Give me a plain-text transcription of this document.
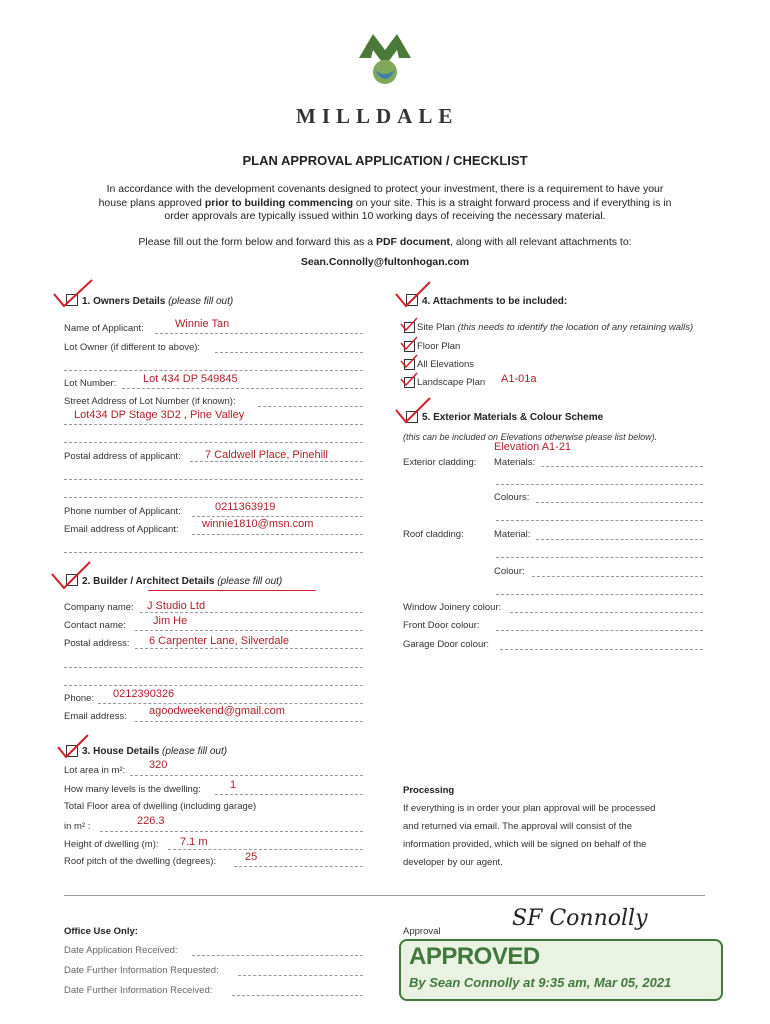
MILLDALE
PLAN APPROVAL APPLICATION / CHECKLIST
In accordance with the development covenants designed to protect your investment, there is a requirement to have your
house plans approved prior to building commencing on your site. This is a straight forward process and if everything is in
order approvals are typically issued within 10 working days of receiving the necessary material.
Please fill out the form below and forward this as a PDF document, along with all relevant attachments to:
Sean.Connolly@fultonhogan.com
1. Owners Details (please fill out)
Name of Applicant:	Winnie Tan
Lot Owner (if different to above):
Lot Number: Lot 434 DP 549845
Street Address of Lot Number (if known):
Lot434 DP Stage 3D2 , Pine Valley
Postal address of applicant: 7 Caldwell Place, Pinehill
Phone number of Applicant:	0211363919
Email address of Applicant: winnie1810@msn.com
2. Builder / Architect Details (please fill out)
Company name: J Studio Ltd
Contact name: Jim He
Postal address: 6 Carpenter Lane, Silverdale
Phone: 0212390326
Email address: agoodweekend@gmail.com
3. House Details (please fill out)
Lot area in m²: 320
How many levels is the dwelling:	1
Total Floor area of dwelling (including garage)
in m² :	226.3
Height of dwelling (m): 7.1 m
Roof pitch of the dwelling (degrees):	25
4. Attachments to be included:
Site Plan (this needs to identify the location of any retaining walls)
Floor Plan
All Elevations
Landscape Plan A1-01a
5. Exterior Materials & Colour Scheme
(this can be included on Elevations otherwise please list below).
Elevation A1-21
Exterior cladding: Materials:
Colours:
Roof cladding:	Material:
Colour:
Window Joinery colour:
Front Door colour:
Garage Door colour:
Processing
If everything is in order your plan approval will be processed
and returned via email. The approval will consist of the
information provided, which will be signed on behalf of the
developer by our agent.
Office Use Only:
Date Application Received:
Date Further Information Requested:
Date Further Information Received:
Approval
SF Connolly
APPROVED
By Sean Connolly at 9:35 am, Mar 05, 2021
